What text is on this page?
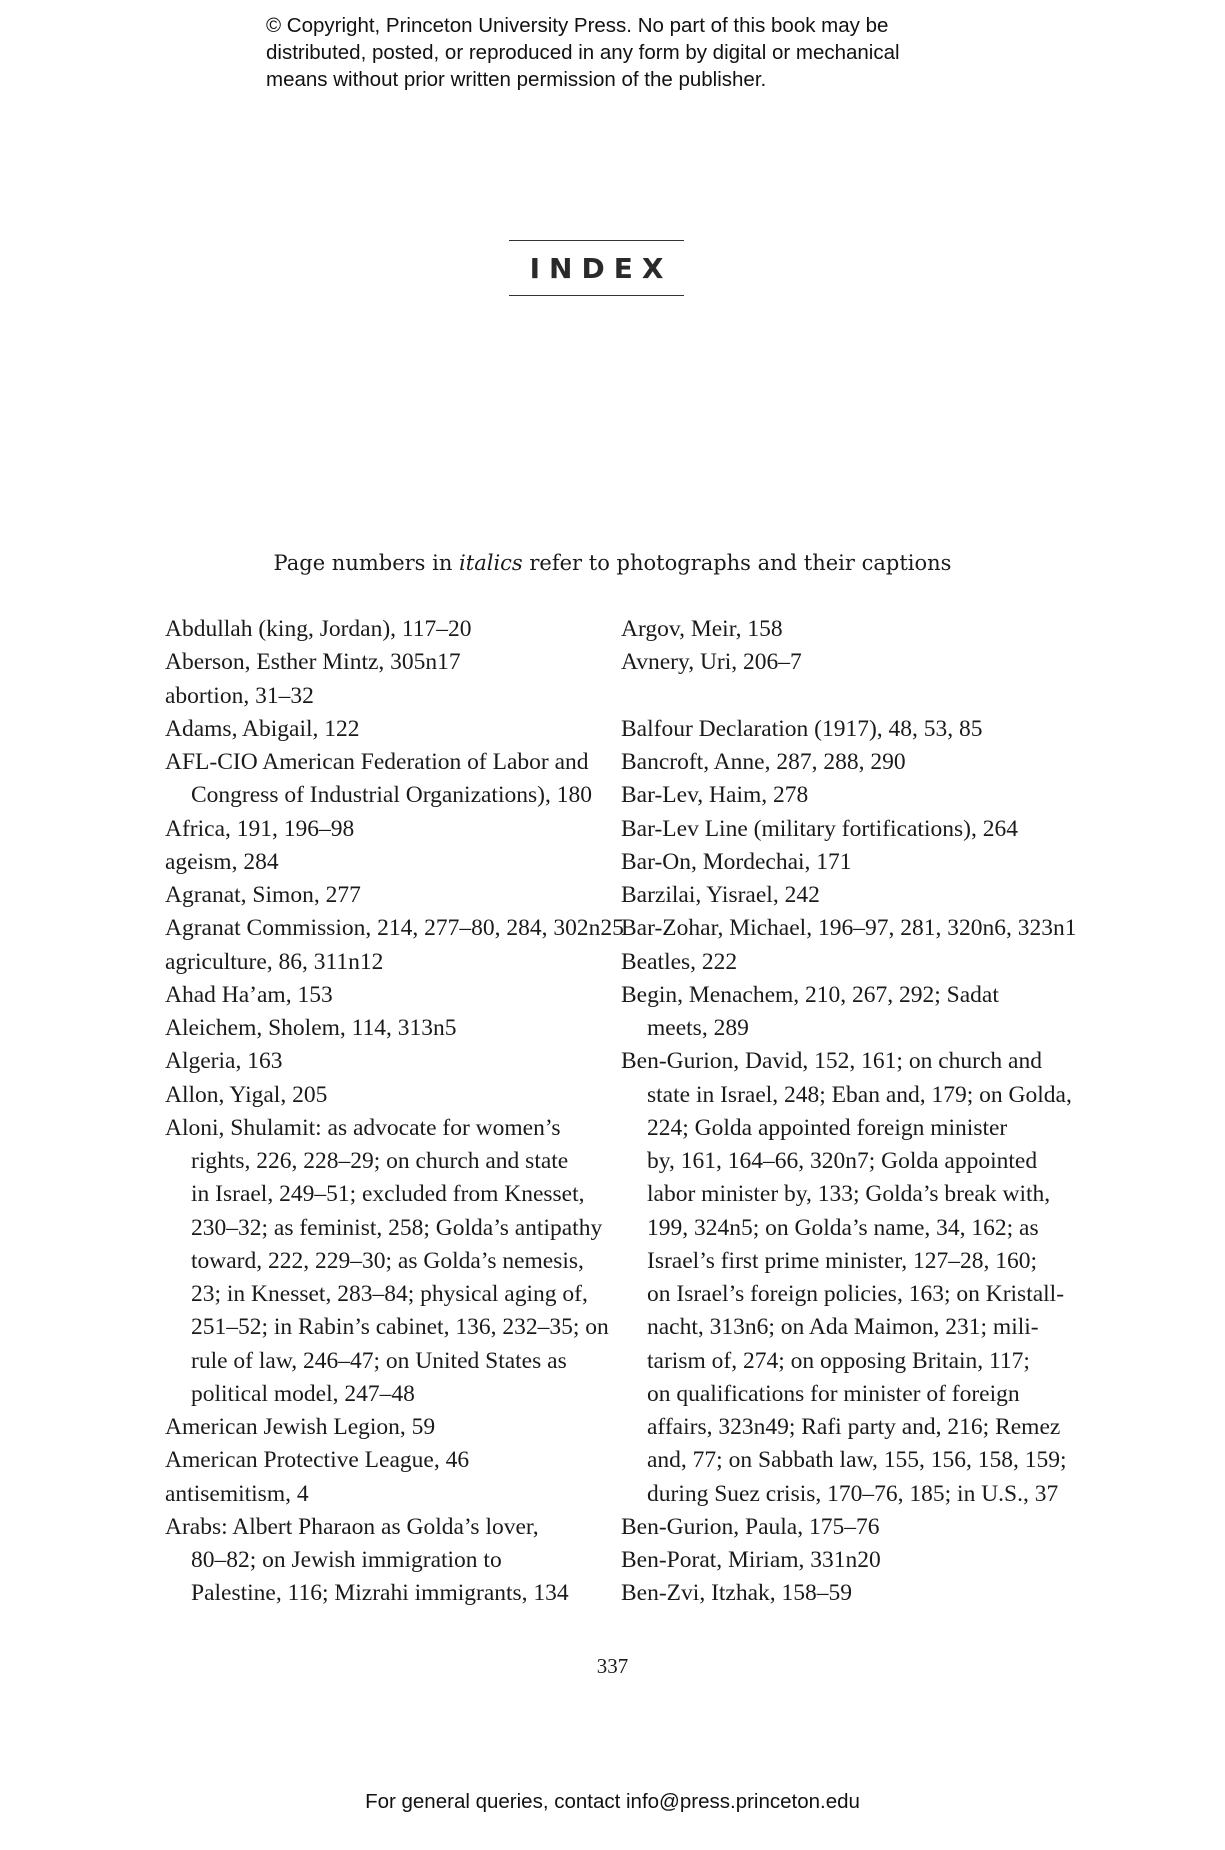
© Copyright, Princeton University Press. No part of this book may be
distributed, posted, or reproduced in any form by digital or mechanical
means without prior written permission of the publisher.
INDEX
Page numbers in italics refer to photographs and their captions
Abdullah (king, Jordan), 117–20
Aberson, Esther Mintz, 305n17
abortion, 31–32
Adams, Abigail, 122
AFL-CIO American Federation of Labor and
Congress of Industrial Organizations), 180
Africa, 191, 196–98
ageism, 284
Agranat, Simon, 277
Agranat Commission, 214, 277–80, 284, 302n25
agriculture, 86, 311n12
Ahad Ha’am, 153
Aleichem, Sholem, 114, 313n5
Algeria, 163
Allon, Yigal, 205
Aloni, Shulamit: as advocate for women’s
rights, 226, 228–29; on church and state
in Israel, 249–51; excluded from Knesset,
230–32; as feminist, 258; Golda’s antipathy
toward, 222, 229–30; as Golda’s nemesis,
23; in Knesset, 283–84; physical aging of,
251–52; in Rabin’s cabinet, 136, 232–35; on
rule of law, 246–47; on United States as
political model, 247–48
American Jewish Legion, 59
American Protective League, 46
antisemitism, 4
Arabs: Albert Pharaon as Golda’s lover,
80–82; on Jewish immigration to
Palestine, 116; Mizrahi immigrants, 134
Argov, Meir, 158
Avnery, Uri, 206–7
Balfour Declaration (1917), 48, 53, 85
Bancroft, Anne, 287, 288, 290
Bar-Lev, Haim, 278
Bar-Lev Line (military fortifications), 264
Bar-On, Mordechai, 171
Barzilai, Yisrael, 242
Bar-Zohar, Michael, 196–97, 281, 320n6, 323n1
Beatles, 222
Begin, Menachem, 210, 267, 292; Sadat
meets, 289
Ben-Gurion, David, 152, 161; on church and
state in Israel, 248; Eban and, 179; on Golda,
224; Golda appointed foreign minister
by, 161, 164–66, 320n7; Golda appointed
labor minister by, 133; Golda’s break with,
199, 324n5; on Golda’s name, 34, 162; as
Israel’s first prime minister, 127–28, 160;
on Israel’s foreign policies, 163; on Kristall-
nacht, 313n6; on Ada Maimon, 231; mili-
tarism of, 274; on opposing Britain, 117;
on qualifications for minister of foreign
affairs, 323n49; Rafi party and, 216; Remez
and, 77; on Sabbath law, 155, 156, 158, 159;
during Suez crisis, 170–76, 185; in U.S., 37
Ben-Gurion, Paula, 175–76
Ben-Porat, Miriam, 331n20
Ben-Zvi, Itzhak, 158–59
337
For general queries, contact info@press.princeton.edu
